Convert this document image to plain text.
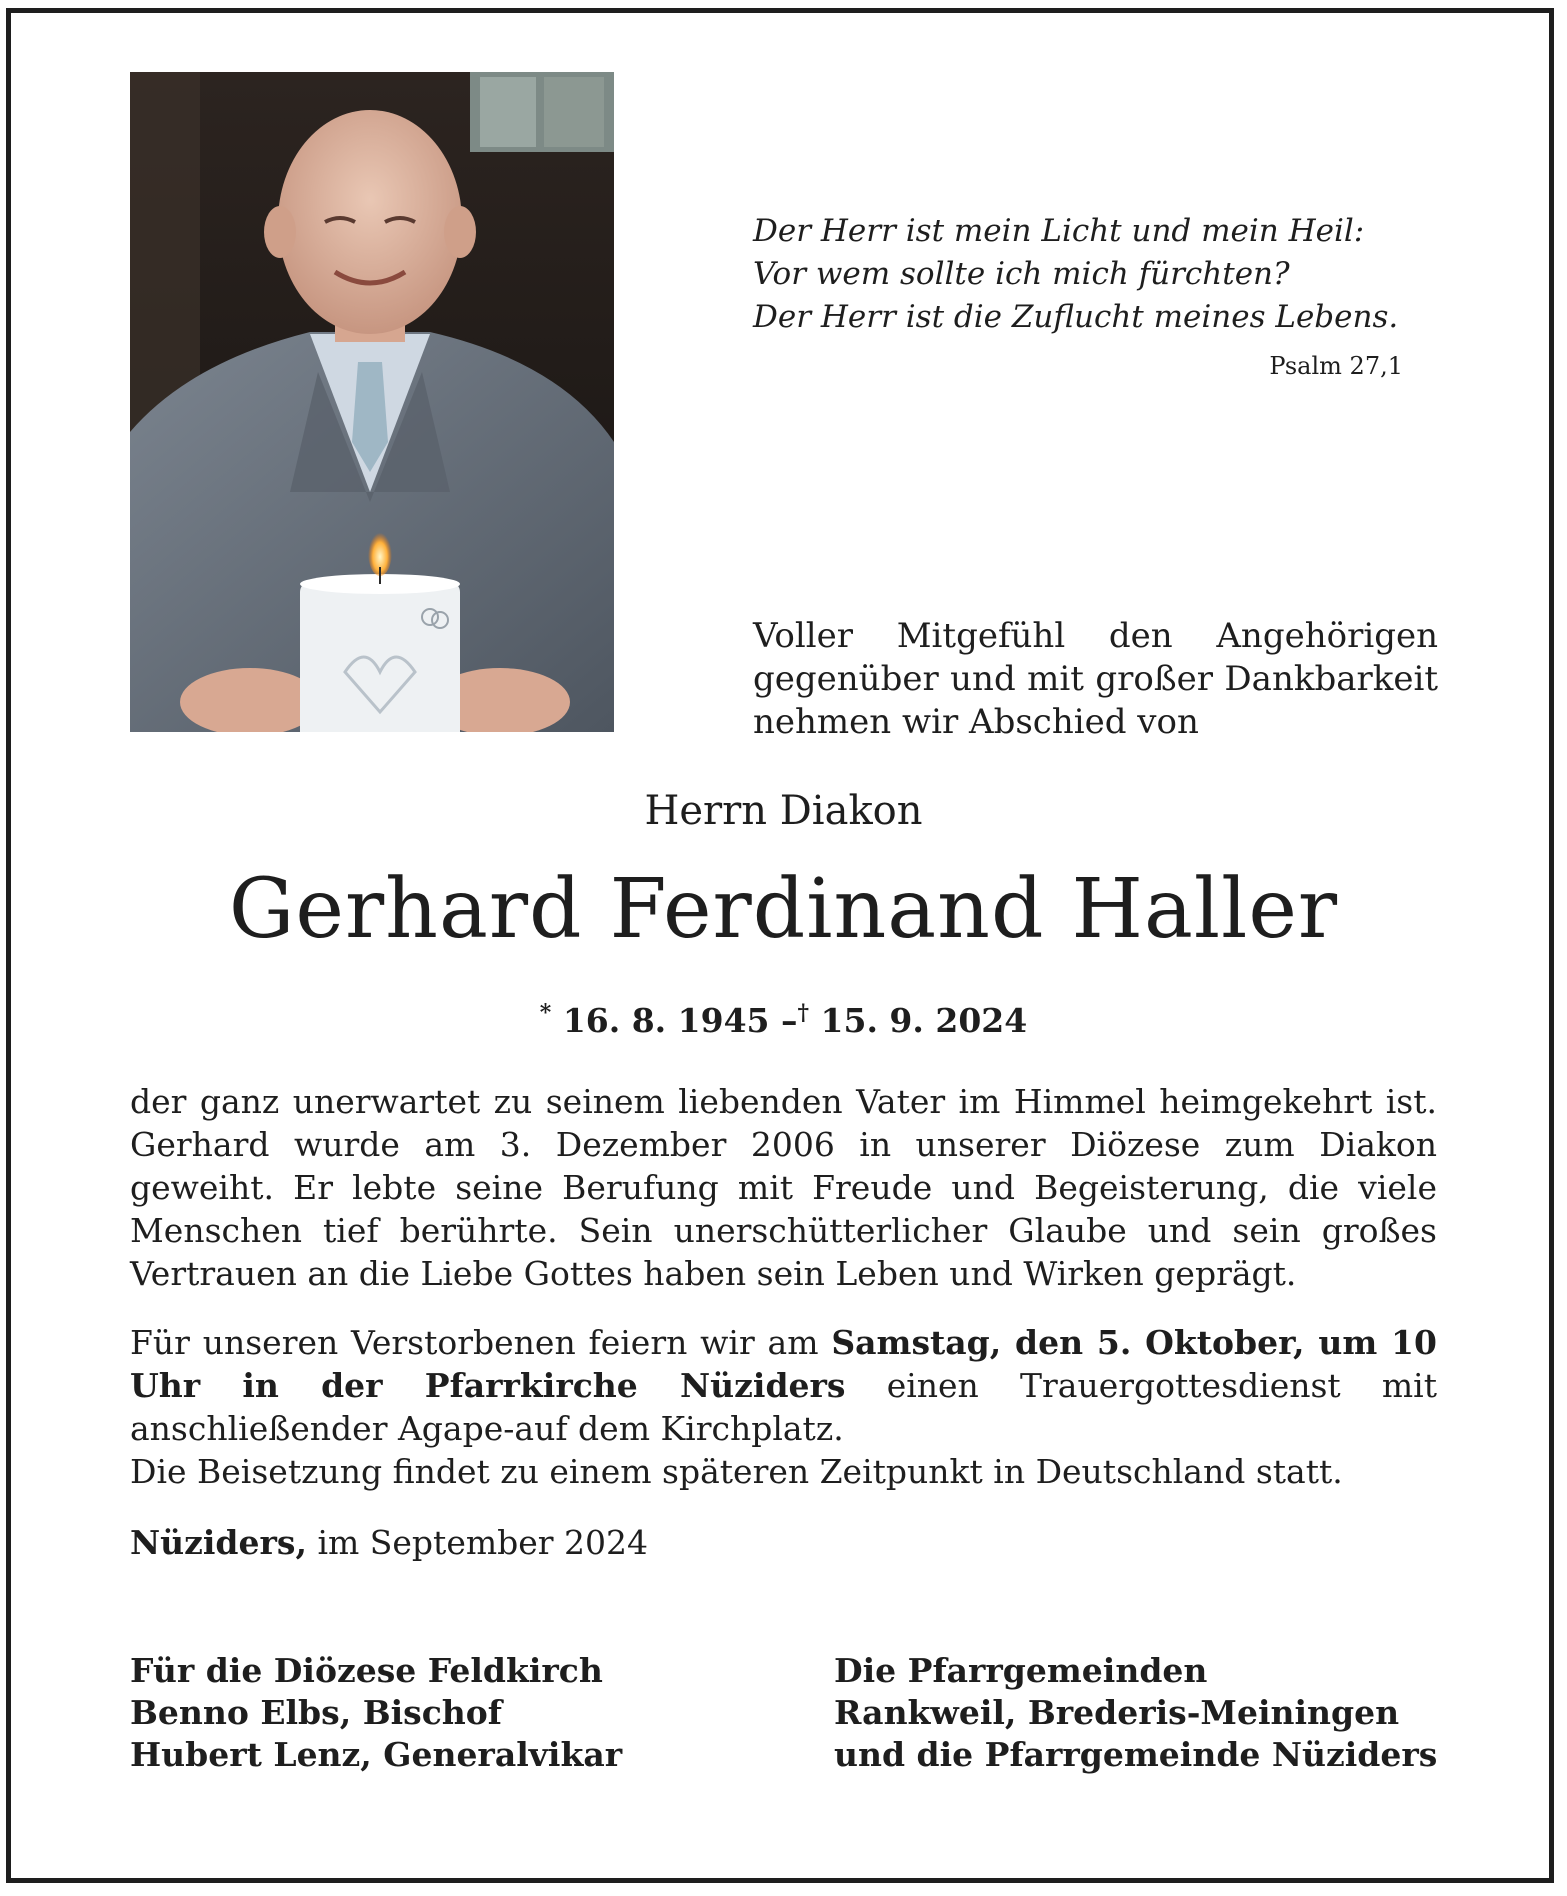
Der Herr ist mein Licht und mein Heil:
Vor wem sollte ich mich fürchten?
Der Herr ist die Zuflucht meines Lebens.
Psalm 27,1
Voller Mitgefühl den Angehörigen gegenüber und mit großer Dankbarkeit nehmen wir Abschied von
Herrn Diakon
Gerhard Ferdinand Haller
* 16. 8. 1945 –† 15. 9. 2024

der ganz unerwartet zu seinem liebenden Vater im Himmel heimgekehrt ist. Gerhard wurde am 3. Dezember 2006 in unserer Diözese zum Diakon geweiht. Er lebte seine Berufung mit Freude und Begeisterung, die viele Menschen tief berührte. Sein unerschütterlicher Glaube und sein großes Vertrauen an die Liebe Gottes haben sein Leben und Wirken geprägt.

Für unseren Verstorbenen feiern wir am Samstag, den 5. Oktober, um 10 Uhr in der Pfarrkirche Nüziders einen Trauergottesdienst mit anschließender Agape-auf dem Kirchplatz.
Die Beisetzung findet zu einem späteren Zeitpunkt in Deutschland statt.

Nüziders, im September 2024
Für die Diözese Feldkirch
Benno Elbs, Bischof
Hubert Lenz, Generalvikar
Die Pfarrgemeinden
Rankweil, Brederis-Meiningen
und die Pfarrgemeinde Nüziders
